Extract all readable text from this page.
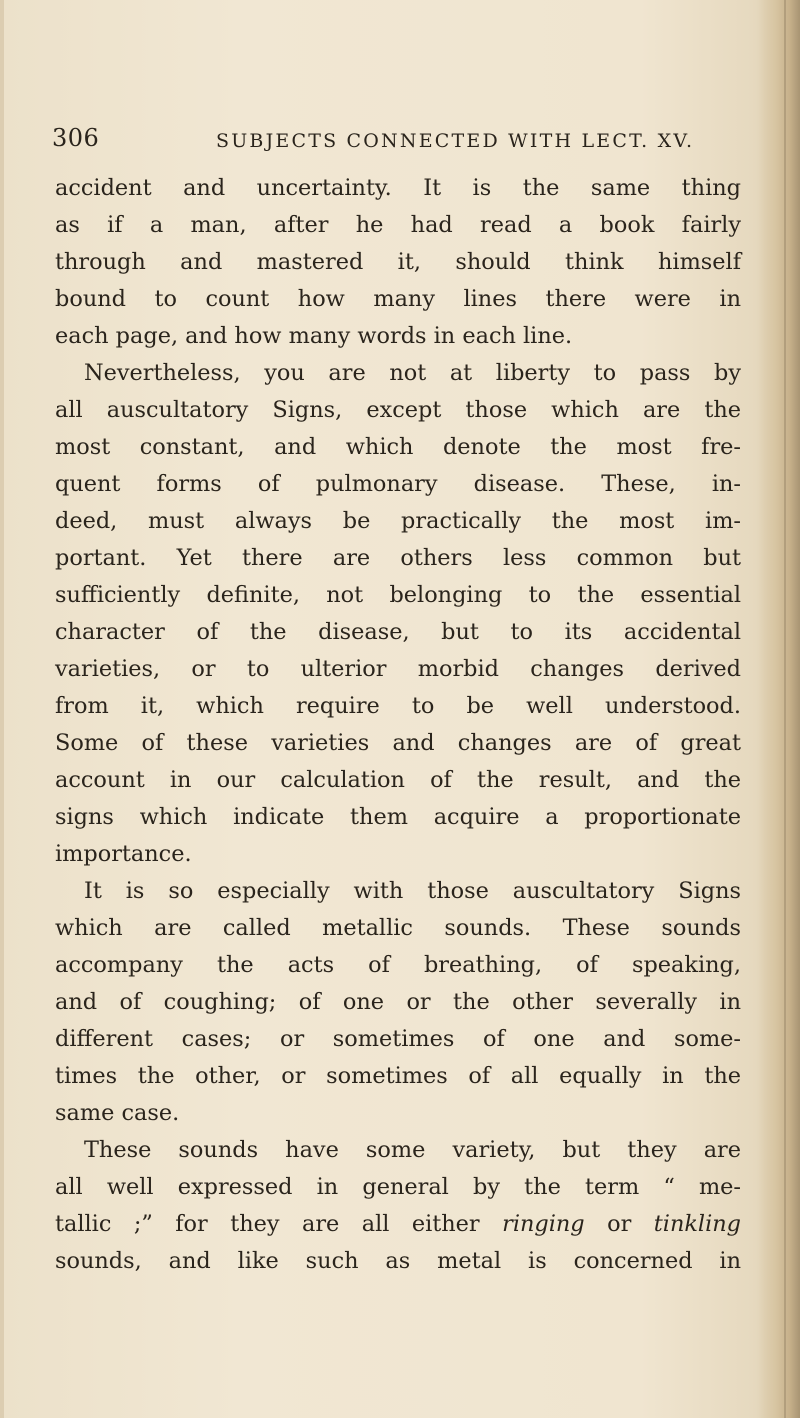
306	SUBJECTS CONNECTED WITH LECT. XV.
accident and uncertainty. It is the same thing
as if a man, after he had read a book fairly
through and mastered it, should think himself
bound to count how many lines there were in
each page, and how many words in each line.
Nevertheless, you are not at liberty to pass by
all auscultatory Signs, except those which are the
most constant, and which denote the most fre-
quent forms of pulmonary disease. These, in-
deed, must always be practically the most im-
portant. Yet there are others less common but
sufficiently definite, not belonging to the essential
character of the disease, but to its accidental
varieties, or to ulterior morbid changes derived
from it, which require to be well understood.
Some of these varieties and changes are of great
account in our calculation of the result, and the
signs which indicate them acquire a proportionate
importance.
It is so especially with those auscultatory Signs
which are called metallic sounds. These sounds
accompany the acts of breathing, of speaking,
and of coughing; of one or the other severally in
different cases; or sometimes of one and some-
times the other, or sometimes of all equally in the
same case.
These sounds have some variety, but they are
all well expressed in general by the term “ me-
tallic ;” for they are all either ringing or tinkling
sounds, and like such as metal is concerned in
